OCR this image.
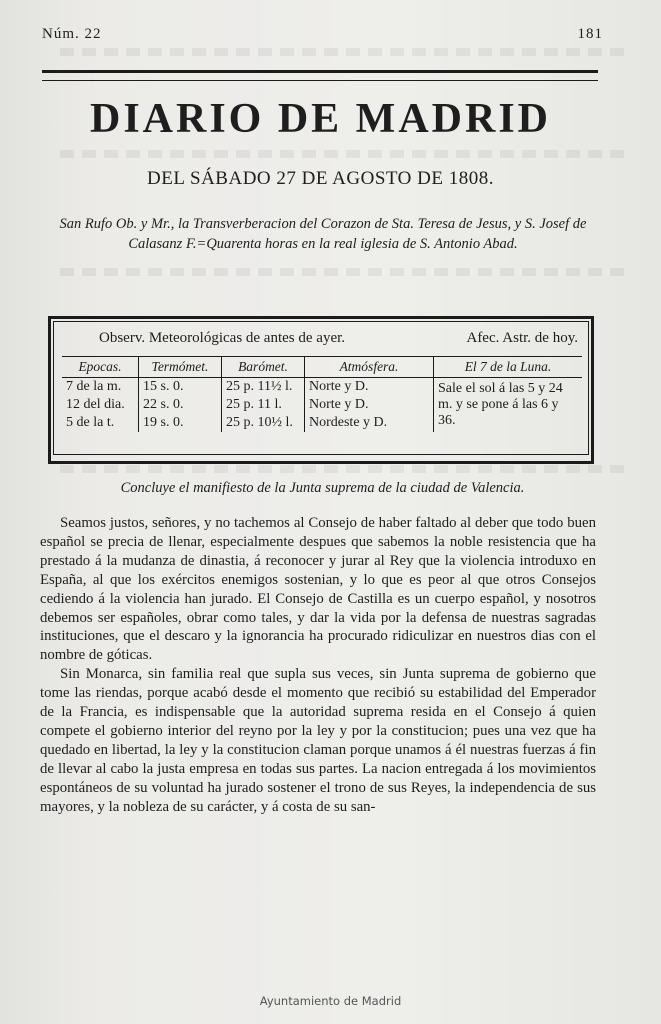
Núm. 22	181
DIARIO DE MADRID
DEL SÁBADO 27 DE AGOSTO DE 1808.
San Rufo Ob. y Mr., la Transverberacion del Corazon de Sta. Teresa de Jesus, y S. Josef de Calasanz F.=Quarenta horas en la real iglesia de S. Antonio Abad.
Observ. Meteorológicas de antes de ayer.	Afec. Astr. de hoy.
Epocas.	Termómet.	Barómet.	Atmósfera.	El 7 de la Luna.
7 de la m.	15 s. 0.	25 p. 11½ l.	Norte y D.	Sale el sol á las 5 y 24 m. y se pone á las 6 y 36.
12 del dia.	22 s. 0.	25 p. 11 l.	Norte y D.	
5 de la t.	19 s. 0.	25 p. 10½ l.	Nordeste y D.	
Concluye el manifiesto de la Junta suprema de la ciudad de Valencia.

Seamos justos, señores, y no tachemos al Consejo de haber faltado al deber que todo buen español se precia de llenar, especialmente despues que sabemos la noble resistencia que ha prestado á la mudanza de dinastia, á reconocer y jurar al Rey que la violencia introduxo en España, al que los exércitos enemigos sostenian, y lo que es peor al que otros Consejos cediendo á la violencia han jurado. El Consejo de Castilla es un cuerpo español, y nosotros debemos ser españoles, obrar como tales, y dar la vida por la defensa de nuestras sagradas instituciones, que el descaro y la ignorancia ha procurado ridiculizar en nuestros dias con el nombre de góticas.

Sin Monarca, sin familia real que supla sus veces, sin Junta suprema de gobierno que tome las riendas, porque acabó desde el momento que recibió su estabilidad del Emperador de la Francia, es indispensable que la autoridad suprema resida en el Consejo á quien compete el gobierno interior del reyno por la ley y por la constitucion; pues una vez que ha quedado en libertad, la ley y la constitucion claman porque unamos á él nuestras fuerzas á fin de llevar al cabo la justa empresa en todas sus partes. La nacion entregada á los movimientos espontáneos de su voluntad ha jurado sostener el trono de sus Reyes, la independencia de sus mayores, y la nobleza de su carácter, y á costa de su san-

Ayuntamiento de Madrid
